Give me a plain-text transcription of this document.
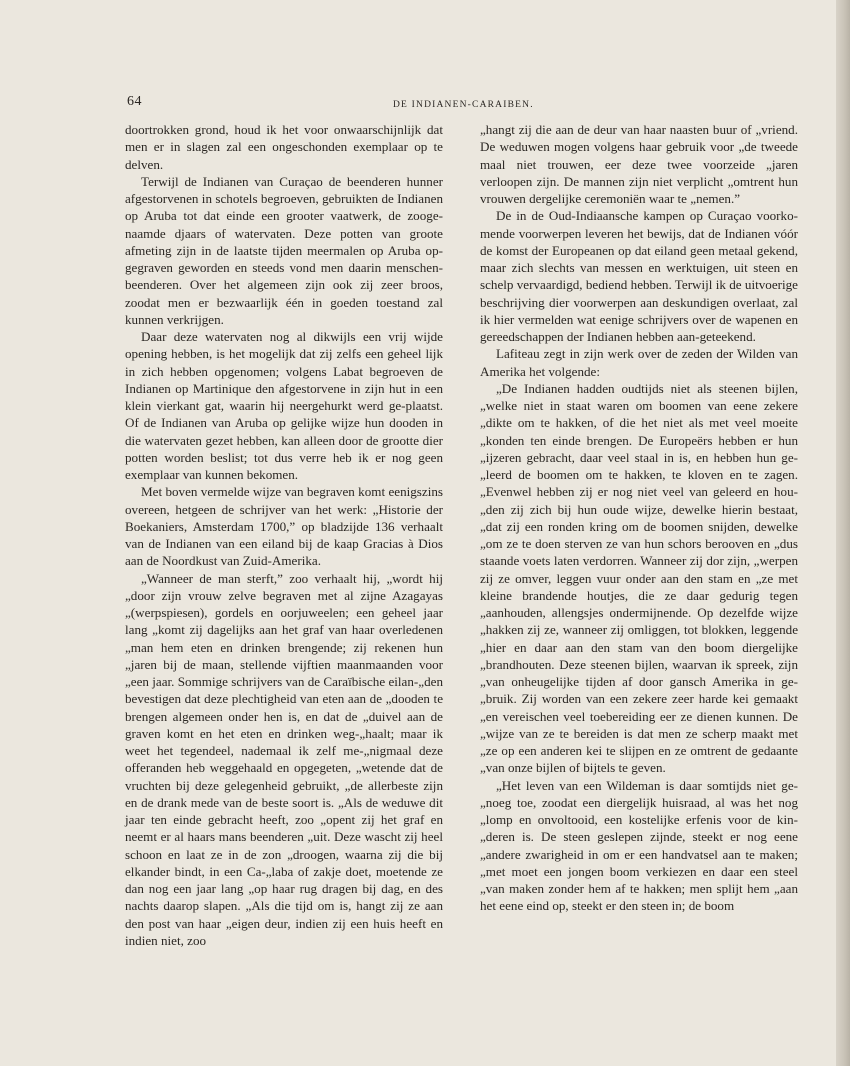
64	DE INDIANEN-CARAIBEN.

doortrokken grond, houd ik het voor onwaarschijnlijk dat men er in slagen zal een ongeschonden exemplaar op te delven.

Terwijl de Indianen van Curaçao de beenderen hunner afgestorvenen in schotels begroeven, gebruikten de Indianen op Aruba tot dat einde een grooter vaatwerk, de zooge-naamde djaars of watervaten. Deze potten van groote afmeting zijn in de laatste tijden meermalen op Aruba op-gegraven geworden en steeds vond men daarin menschen-beenderen. Over het algemeen zijn ook zij zeer broos, zoodat men er bezwaarlijk één in goeden toestand zal kunnen verkrijgen.

Daar deze watervaten nog al dikwijls een vrij wijde opening hebben, is het mogelijk dat zij zelfs een geheel lijk in zich hebben opgenomen; volgens Labat begroeven de Indianen op Martinique den afgestorvene in zijn hut in een klein vierkant gat, waarin hij neergehurkt werd ge-plaatst. Of de Indianen van Aruba op gelijke wijze hun dooden in die watervaten gezet hebben, kan alleen door de grootte dier potten worden beslist; tot dus verre heb ik er nog geen exemplaar van kunnen bekomen.

Met boven vermelde wijze van begraven komt eenigszins overeen, hetgeen de schrijver van het werk: „Historie der Boekaniers, Amsterdam 1700,” op bladzijde 136 verhaalt van de Indianen van een eiland bij de kaap Gracias à Dios aan de Noordkust van Zuid-Amerika.

„Wanneer de man sterft,” zoo verhaalt hij, „wordt hij „door zijn vrouw zelve begraven met al zijne Azagayas „(werpspiesen), gordels en oorjuweelen; een geheel jaar lang „komt zij dagelijks aan het graf van haar overledenen „man hem eten en drinken brengende; zij rekenen hun „jaren bij de maan, stellende vijftien maanmaanden voor „een jaar. Sommige schrijvers van de Caraïbische eilan-„den bevestigen dat deze plechtigheid van eten aan de „dooden te brengen algemeen onder hen is, en dat de „duivel aan de graven komt en het eten en drinken weg-„haalt; maar ik weet het tegendeel, nademaal ik zelf me-„nigmaal deze offeranden heb weggehaald en opgegeten, „wetende dat de vruchten bij deze gelegenheid gebruikt, „de allerbeste zijn en de drank mede van de beste soort is. „Als de weduwe dit jaar ten einde gebracht heeft, zoo „opent zij het graf en neemt er al haars mans beenderen „uit. Deze wascht zij heel schoon en laat ze in de zon „droogen, waarna zij die bij elkander bindt, in een Ca-„laba of zakje doet, moetende ze dan nog een jaar lang „op haar rug dragen bij dag, en des nachts daarop slapen. „Als die tijd om is, hangt zij ze aan den post van haar „eigen deur, indien zij een huis heeft en indien niet, zoo

„hangt zij die aan de deur van haar naasten buur of „vriend. De weduwen mogen volgens haar gebruik voor „de tweede maal niet trouwen, eer deze twee voorzeide „jaren verloopen zijn. De mannen zijn niet verplicht „omtrent hun vrouwen dergelijke ceremoniën waar te „nemen.”

De in de Oud-Indiaansche kampen op Curaçao voorko-mende voorwerpen leveren het bewijs, dat de Indianen vóór de komst der Europeanen op dat eiland geen metaal gekend, maar zich slechts van messen en werktuigen, uit steen en schelp vervaardigd, bediend hebben. Terwijl ik de uitvoerige beschrijving dier voorwerpen aan deskundigen overlaat, zal ik hier vermelden wat eenige schrijvers over de wapenen en gereedschappen der Indianen hebben aan-geteekend.

Lafiteau zegt in zijn werk over de zeden der Wilden van Amerika het volgende:

„De Indianen hadden oudtijds niet als steenen bijlen, „welke niet in staat waren om boomen van eene zekere „dikte om te hakken, of die het niet als met veel moeite „konden ten einde brengen. De Europeërs hebben er hun „ijzeren gebracht, daar veel staal in is, en hebben hun ge-„leerd de boomen om te hakken, te kloven en te zagen. „Evenwel hebben zij er nog niet veel van geleerd en hou-„den zij zich bij hun oude wijze, dewelke hierin bestaat, „dat zij een ronden kring om de boomen snijden, dewelke „om ze te doen sterven ze van hun schors berooven en „dus staande voets laten verdorren. Wanneer zij dor zijn, „werpen zij ze omver, leggen vuur onder aan den stam en „ze met kleine brandende houtjes, die ze daar gedurig tegen „aanhouden, allengsjes ondermijnende. Op dezelfde wijze „hakken zij ze, wanneer zij omliggen, tot blokken, leggende „hier en daar aan den stam van den boom diergelijke „brandhouten. Deze steenen bijlen, waarvan ik spreek, zijn „van onheugelijke tijden af door gansch Amerika in ge-„bruik. Zij worden van een zekere zeer harde kei gemaakt „en vereischen veel toebereiding eer ze dienen kunnen. De „wijze van ze te bereiden is dat men ze scherp maakt met „ze op een anderen kei te slijpen en ze omtrent de gedaante „van onze bijlen of bijtels te geven.

„Het leven van een Wildeman is daar somtijds niet ge-„noeg toe, zoodat een diergelijk huisraad, al was het nog „lomp en onvoltooid, een kostelijke erfenis voor de kin-„deren is. De steen geslepen zijnde, steekt er nog eene „andere zwarigheid in om er een handvatsel aan te maken; „met moet een jongen boom verkiezen en daar een steel „van maken zonder hem af te hakken; men splijt hem „aan het eene eind op, steekt er den steen in; de boom
